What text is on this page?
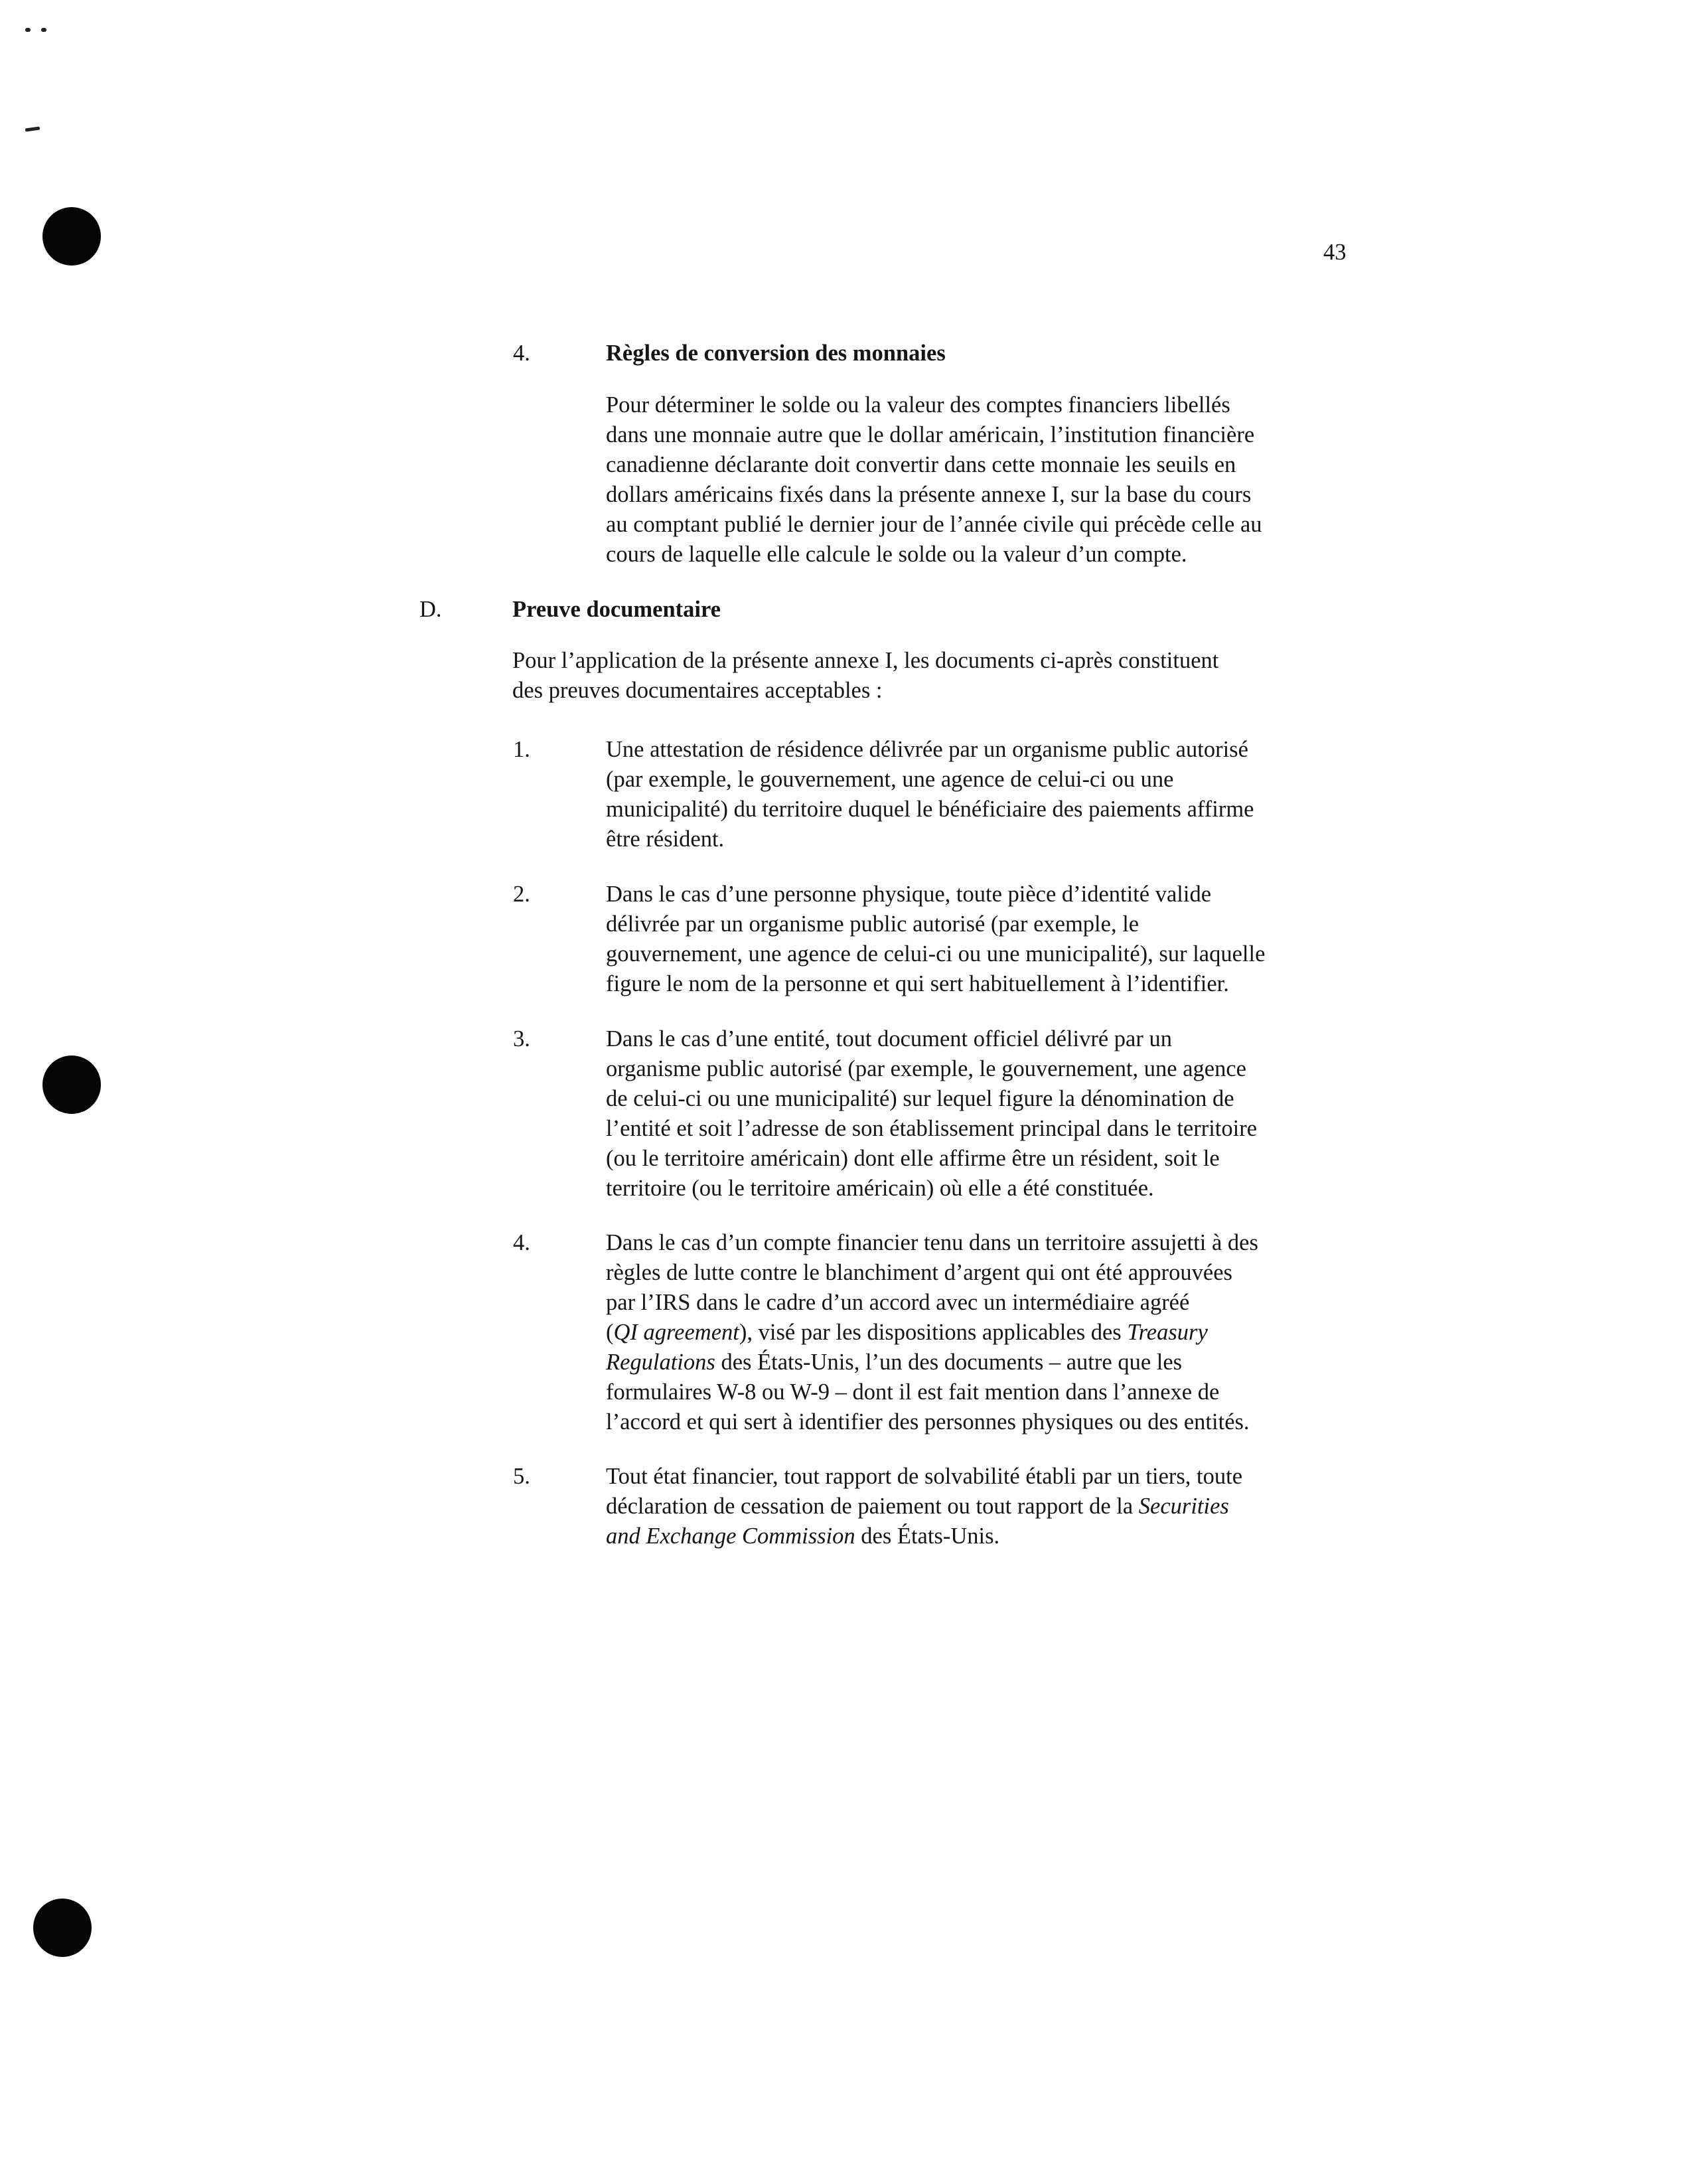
43
4.	Règles de conversion des monnaies

Pour déterminer le solde ou la valeur des comptes financiers libellés

dans une monnaie autre que le dollar américain, l’institution financière

canadienne déclarante doit convertir dans cette monnaie les seuils en

dollars américains fixés dans la présente annexe I, sur la base du cours

au comptant publié le dernier jour de l’année civile qui précède celle au

cours de laquelle elle calcule le solde ou la valeur d’un compte.

D.	Preuve documentaire

Pour l’application de la présente annexe I, les documents ci-après constituent

des preuves documentaires acceptables :

1.	Une attestation de résidence délivrée par un organisme public autorisé

(par exemple, le gouvernement, une agence de celui-ci ou une

municipalité) du territoire duquel le bénéficiaire des paiements affirme

être résident.

2.	Dans le cas d’une personne physique, toute pièce d’identité valide

délivrée par un organisme public autorisé (par exemple, le

gouvernement, une agence de celui-ci ou une municipalité), sur laquelle

figure le nom de la personne et qui sert habituellement à l’identifier.

3.	Dans le cas d’une entité, tout document officiel délivré par un

organisme public autorisé (par exemple, le gouvernement, une agence

de celui-ci ou une municipalité) sur lequel figure la dénomination de

l’entité et soit l’adresse de son établissement principal dans le territoire

(ou le territoire américain) dont elle affirme être un résident, soit le

territoire (ou le territoire américain) où elle a été constituée.

4.	Dans le cas d’un compte financier tenu dans un territoire assujetti à des

règles de lutte contre le blanchiment d’argent qui ont été approuvées

par l’IRS dans le cadre d’un accord avec un intermédiaire agréé

(QI agreement), visé par les dispositions applicables des Treasury

Regulations des États-Unis, l’un des documents – autre que les

formulaires W-8 ou W-9 – dont il est fait mention dans l’annexe de

l’accord et qui sert à identifier des personnes physiques ou des entités.

5.	Tout état financier, tout rapport de solvabilité établi par un tiers, toute

déclaration de cessation de paiement ou tout rapport de la Securities

and Exchange Commission des États-Unis.
